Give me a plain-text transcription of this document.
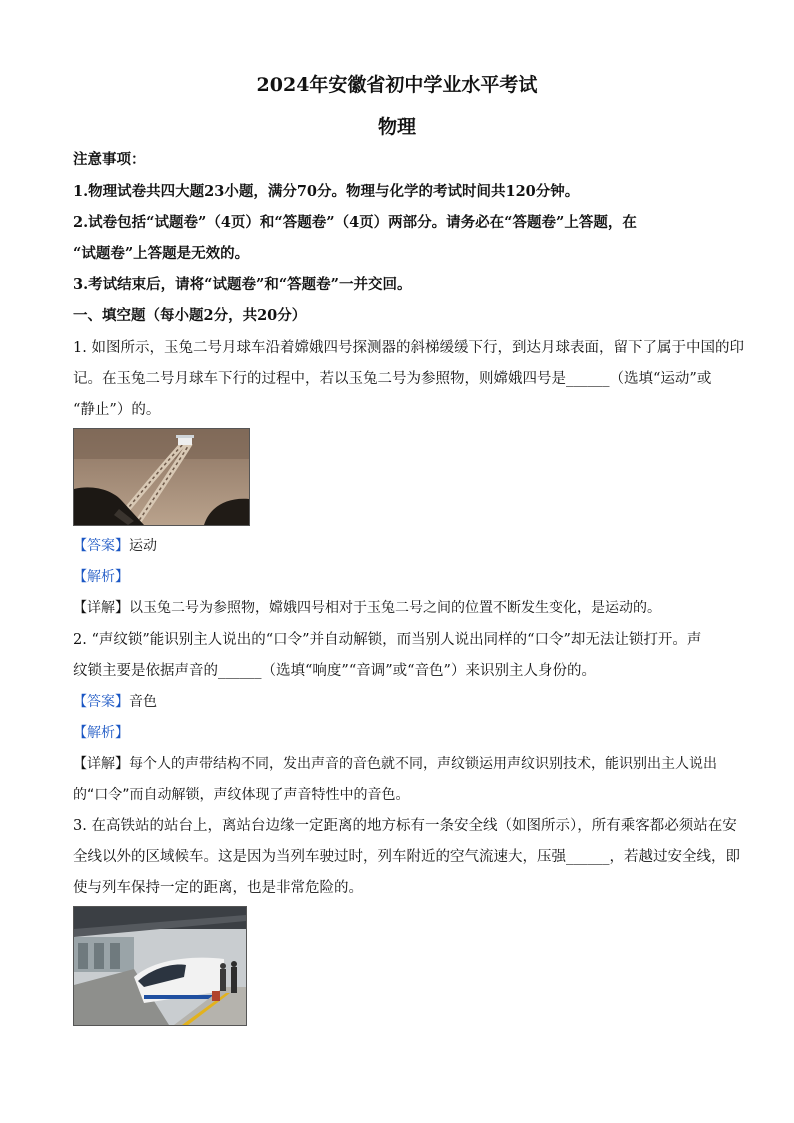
2024年安徽省初中学业水平考试
物理
注意事项：
1.物理试卷共四大题23小题，满分70分。物理与化学的考试时间共120分钟。
2.试卷包括“试题卷”（4页）和“答题卷”（4页）两部分。请务必在“答题卷”上答题，在
“试题卷”上答题是无效的。
3.考试结束后，请将“试题卷”和“答题卷”一并交回。
一、填空题（每小题2分，共20分）
1. 如图所示，玉兔二号月球车沿着嫦娥四号探测器的斜梯缓缓下行，到达月球表面，留下了属于中国的印
记。在玉兔二号月球车下行的过程中，若以玉兔二号为参照物，则嫦娥四号是______（选填“运动”或
“静止”）的。
【答案】运动
【解析】
【详解】以玉兔二号为参照物，嫦娥四号相对于玉兔二号之间的位置不断发生变化，是运动的。
2. “声纹锁”能识别主人说出的“口令”并自动解锁，而当别人说出同样的“口令”却无法让锁打开。声
纹锁主要是依据声音的______（选填“响度”“音调”或“音色”）来识别主人身份的。
【答案】音色
【解析】
【详解】每个人的声带结构不同，发出声音的音色就不同，声纹锁运用声纹识别技术，能识别出主人说出
的“口令”而自动解锁，声纹体现了声音特性中的音色。
3. 在高铁站的站台上，离站台边缘一定距离的地方标有一条安全线（如图所示），所有乘客都必须站在安
全线以外的区域候车。这是因为当列车驶过时，列车附近的空气流速大，压强______，若越过安全线，即
使与列车保持一定的距离，也是非常危险的。
